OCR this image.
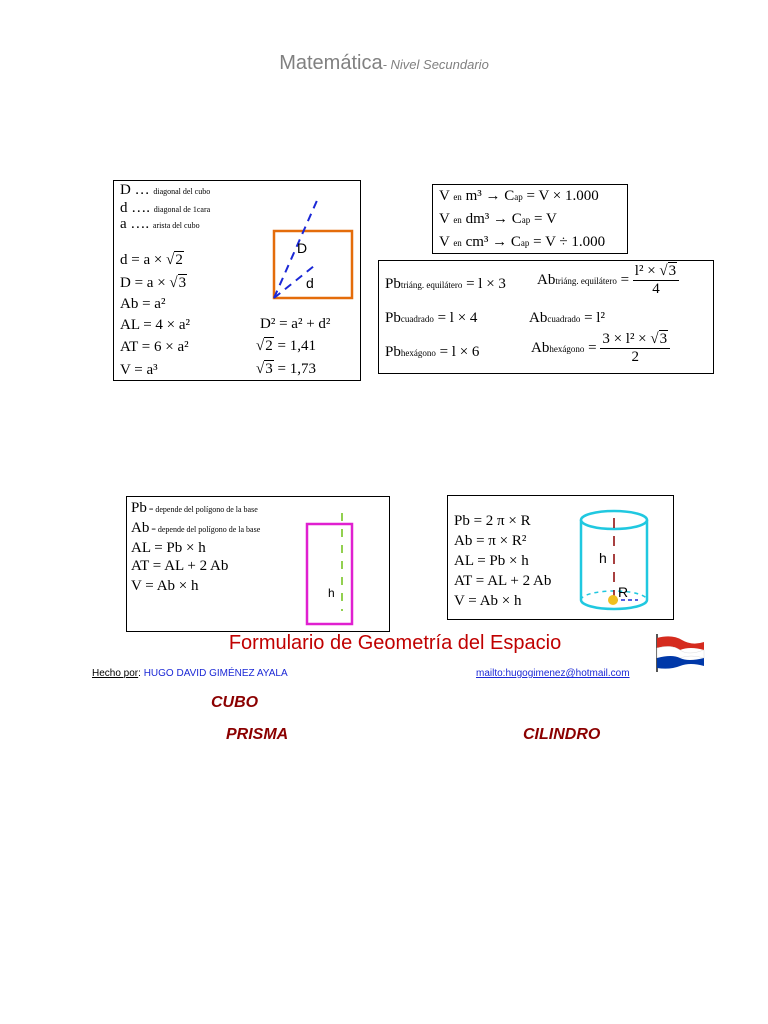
Matemática- Nivel Secundario
D … diagonal del cubo
d …. diagonal de 1cara
a …. arista del cubo
d = a × √2
D = a × √3
Ab = a²
AL = 4 × a²
AT = 6 × a²
V = a³
D² = a² + d²
√2 = 1,41
√3 = 1,73
D
d
V en m³ → Cap = V × 1.000
V en dm³ → Cap = V
V en cm³ → Cap = V ÷ 1.000
Pbtriáng. equilátero = l × 3 Abtriáng. equilátero = $\frac{\text{l² × √3}}{4}$
Pbcuadrado = l × 4	Abcuadrado = l²
Pbhexágono = l × 6	Abhexágono = $\frac{\text{3 × l² × √3}}{2}$
Pb = depende del polígono de la base
Ab = depende del polígono de la base
AL = Pb × h
AT = AL + 2 Ab
V = Ab × h	h
Pb = 2 π × R
Ab = π × R²
AL = Pb × h
AT = AL + 2 Ab
V = Ab × h
h
R
Formulario de Geometría del Espacio
Hecho por: HUGO DAVID GIMÉNEZ AYALA	mailto:hugogimenez@hotmail.com
CUBO
PRISMA	CILINDRO
